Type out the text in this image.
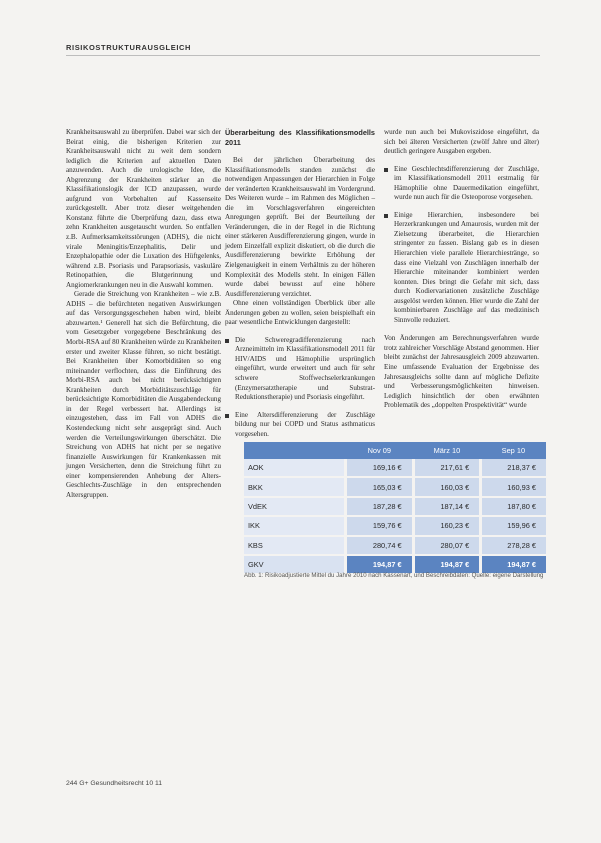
RISIKOSTRUKTURAUSGLEICH

Krankheitsauswahl zu überprüfen. Dabei war sich der Beirat einig, die bisherigen Kriterien zur Krankheitsauswahl nicht zu weit dem sondern lediglich die Kriterien auf aktuellen Daten anzuwenden. Auch die urologische Idee, die Abgrenzung der Krankheiten stärker an die Klassifikationslogik der ICD anzupassen, wurde aufgrund von Vorbehalten auf Kassenseite zurückgestellt. Aber trotz dieser weitgehenden Konstanz führte die Überprüfung dazu, dass etwa zehn Krankheiten ausgetauscht wurden. So entfallen z.B. Aufmerksamkeitsstörungen (ADHS), die nicht virale Meningitis/Enzephalitis, Delir und Enzephalopathie oder die Luxation des Hüftgelenks, während z.B. Psoriasis und Parapsoriasis, vaskuläre Retinopathien, die Blutgerinnung und Angiomerkrankungen neu in die Auswahl kommen.

Gerade die Streichung von Krankheiten – wie z.B. ADHS – die befürchteten negativen Auswirkungen auf das Versorgungsgeschehen haben wird, bleibt abzuwarten.¹ Generell hat sich die Befürchtung, die vom Gesetzgeber vorgegebene Beschränkung des Morbi-RSA auf 80 Krankheiten würde zu Krankheiten erster und zweiter Klasse führen, so nicht bestätigt. Bei Krankheiten über Komorbiditäten so eng miteinander verflochten, dass die Einführung des Morbi-RSA auch bei nicht berücksichtigten Krankheiten durch Morbiditätszuschläge für berücksichtigte Komorbiditäten die Ausgabendeckung in der Regel verbessert hat. Allerdings ist einzugestehen, dass im Fall von ADHS die Kostendeckung nicht sehr ausgeprägt sind. Auch werden die Verteilungswirkungen überschätzt. Die Streichung von ADHS hat nicht per se negative finanzielle Auswirkungen für Krankenkassen mit jungen Versicherten, denn die Streichung führt zu einer kompensierenden Anhebung der Alters-Geschlechts-Zuschläge in den entsprechenden Altersgruppen.

Überarbeitung des Klassifikationsmodells 2011

Bei der jährlichen Überarbeitung des Klassifikationsmodells standen zunächst die notwendigen Anpassungen der Hierarchien in Folge der veränderten Krankheitsauswahl im Vordergrund. Des Weiteren wurde – im Rahmen des Möglichen – die im Vorschlagsverfahren eingereichten Anregungen geprüft. Bei der Beurteilung der Veränderungen, die in der Regel in die Richtung einer stärkeren Ausdifferenzierung gingen, wurde in jedem Einzelfall explizit diskutiert, ob die durch die Ausdifferenzierung bewirkte Erhöhung der Zielgenauigkeit in einem Verhältnis zu der höheren Komplexität des Modells steht. In einigen Fällen wurde dabei bewusst auf eine höhere Ausdifferenzierung verzichtet.

Ohne einen vollständigen Überblick über alle Änderungen geben zu wollen, seien beispielhaft ein paar wesentliche Entwicklungen dargestellt:

Die Schweregradifferenzierung nach Arzneimitteln im Klassifikationsmodell 2011 für HIV/AIDS und Hämophilie ursprünglich eingeführt, wurde erweitert und auch für sehr schwere Stoffwechselerkrankungen (Enzymersatztherapie und Substrat-Reduktionstherapie) und Psoriasis eingeführt.
Eine Altersdifferenzierung der Zuschläge bildung nur bei COPD und Status asthmaticus vorgesehen.

wurde nun auch bei Mukoviszidose eingeführt, da sich bei älteren Versicherten (zwölf Jahre und älter) deutlich geringere Ausgaben ergeben.

Eine Geschlechtsdifferenzierung der Zuschläge, im Klassifikationsmodell 2011 erstmalig für Hämophilie ohne Dauermedikation eingeführt, wurde nun auch für die Osteoporose vorgesehen.
Einige Hierarchien, insbesondere bei Herzerkrankungen und Amaurosis, wurden mit der Zielsetzung überarbeitet, die Hierarchien stringenter zu fassen. Bislang gab es in diesen Hierarchien viele parallele Hierarchiestränge, so dass eine Vielzahl von Zuschlägen innerhalb der Hierarchie miteinander kombiniert werden konnten. Dies bringt die Gefahr mit sich, dass durch Kodiervariationen zusätzliche Zuschläge ausgelöst werden können. Hier wurde die Zahl der kombinierbaren Zuschläge auf das medizinisch Sinnvolle reduziert.

Von Änderungen am Berechnungsverfahren wurde trotz zahlreicher Vorschläge Abstand genommen. Hier bleibt zunächst der Jahresausgleich 2009 abzuwarten. Eine umfassende Evaluation der Ergebnisse des Jahresausgleichs sollte dann auf mögliche Defizite und Verbesserungsmöglichkeiten hinweisen. Lediglich hinsichtlich der oben erwähnten Problematik des „doppelten Prospektivität“ wurde

	Nov 09	März 10	Sep 10
AOK	169,16 €	217,61 €	218,37 €
BKK	165,03 €	160,03 €	160,93 €
VdEK	187,28 €	187,14 €	187,80 €
IKK	159,76 €	160,23 €	159,96 €
KBS	280,74 €	280,07 €	278,28 €
GKV	194,87 €	194,87 €	194,87 €
Abb. 1: Risikoadjustierte Mittel du Jahre 2010 nach Kassenart, und Beschreibdaten: Quelle: eigene Darstellung
244 G+ Gesundheitsrecht 10 11
